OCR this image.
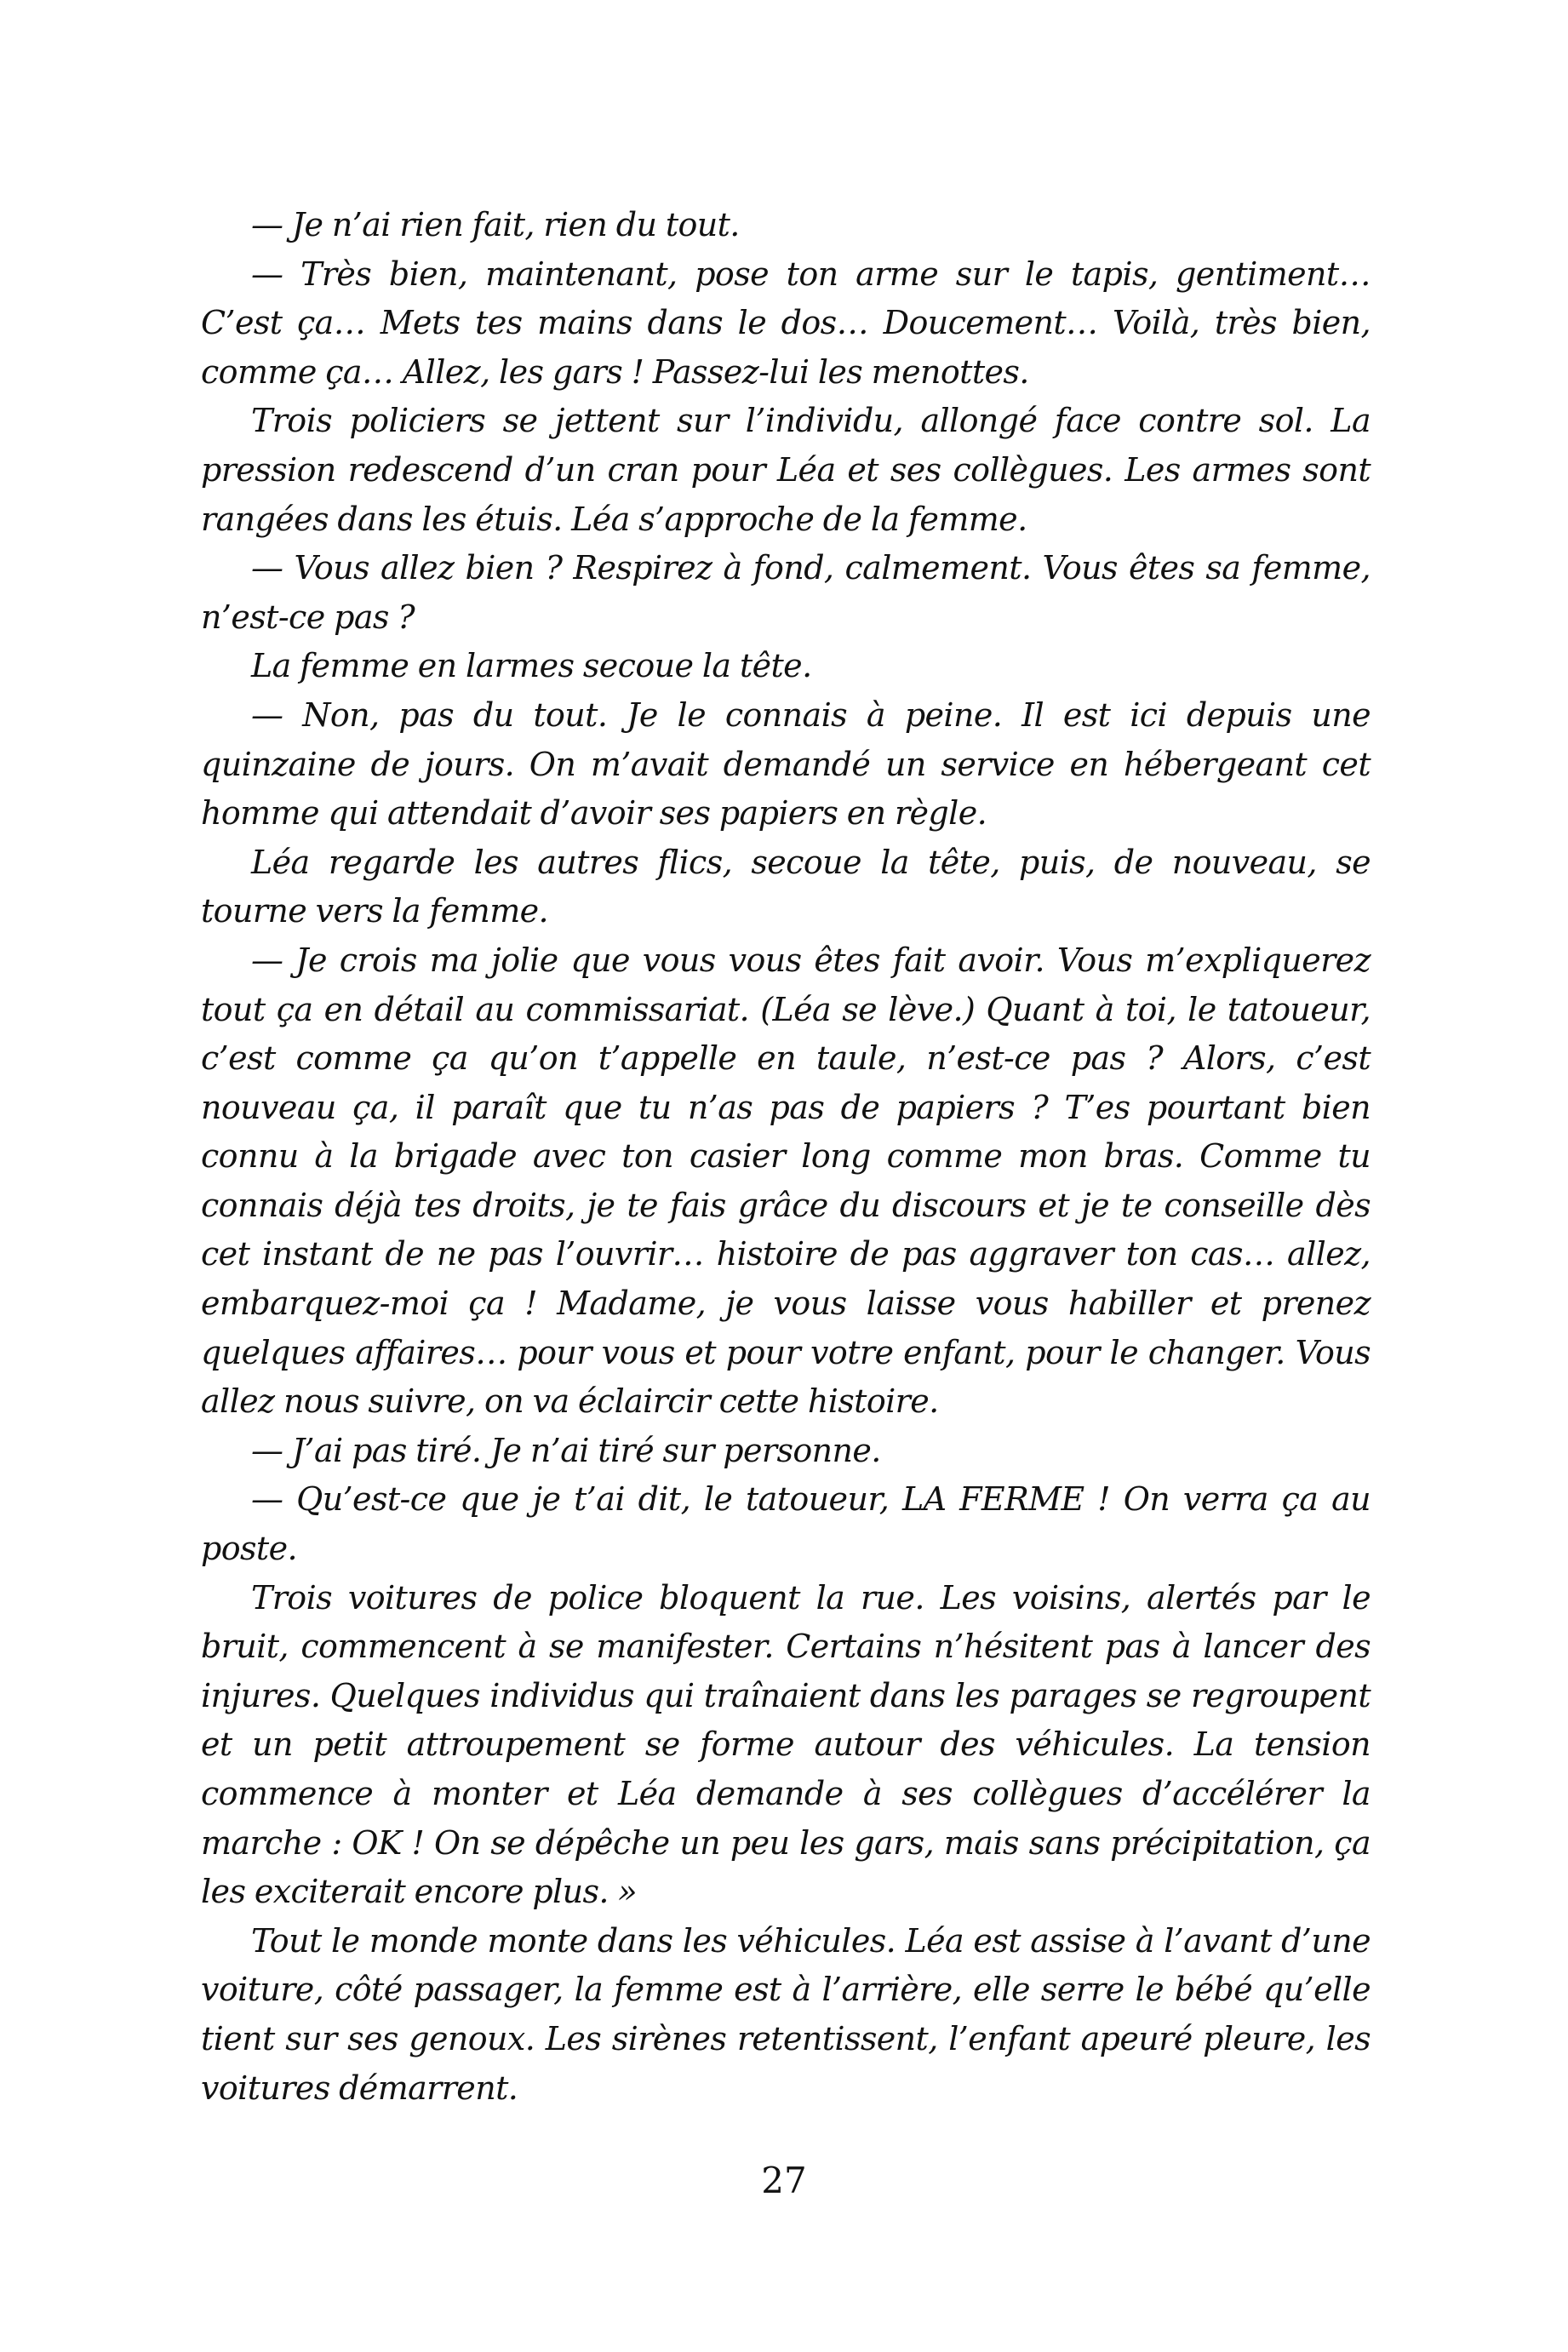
— Je n’ai rien fait, rien du tout.

— Très bien, maintenant, pose ton arme sur le tapis, gentiment… C’est ça… Mets tes mains dans le dos… Doucement… Voilà, très bien, comme ça… Allez, les gars ! Passez-lui les menottes.

Trois policiers se jettent sur l’individu, allongé face contre sol. La pression redescend d’un cran pour Léa et ses collègues. Les armes sont rangées dans les étuis. Léa s’approche de la femme.

— Vous allez bien ? Respirez à fond, calmement. Vous êtes sa femme, n’est-ce pas ?

La femme en larmes secoue la tête.

— Non, pas du tout. Je le connais à peine. Il est ici depuis une quinzaine de jours. On m’avait demandé un service en hébergeant cet homme qui attendait d’avoir ses papiers en règle.

Léa regarde les autres flics, secoue la tête, puis, de nouveau, se tourne vers la femme.

— Je crois ma jolie que vous vous êtes fait avoir. Vous m’expliquerez tout ça en détail au commissariat. (Léa se lève.) Quant à toi, le tatoueur, c’est comme ça qu’on t’appelle en taule, n’est-ce pas ? Alors, c’est nouveau ça, il paraît que tu n’as pas de papiers ? T’es pourtant bien connu à la brigade avec ton casier long comme mon bras. Comme tu connais déjà tes droits, je te fais grâce du discours et je te conseille dès cet instant de ne pas l’ouvrir… histoire de pas aggraver ton cas… allez, embarquez-moi ça ! Madame, je vous laisse vous habiller et prenez quelques affaires… pour vous et pour votre enfant, pour le changer. Vous allez nous suivre, on va éclaircir cette histoire.

— J’ai pas tiré. Je n’ai tiré sur personne.

— Qu’est-ce que je t’ai dit, le tatoueur, LA FERME ! On verra ça au poste.

Trois voitures de police bloquent la rue. Les voisins, alertés par le bruit, commencent à se manifester. Certains n’hésitent pas à lancer des injures. Quelques individus qui traînaient dans les parages se regroupent et un petit attroupement se forme autour des véhicules. La tension commence à monter et Léa demande à ses collègues d’accélérer la marche : OK ! On se dépêche un peu les gars, mais sans précipitation, ça les exciterait encore plus. »

Tout le monde monte dans les véhicules. Léa est assise à l’avant d’une voiture, côté passager, la femme est à l’arrière, elle serre le bébé qu’elle tient sur ses genoux. Les sirènes retentissent, l’enfant apeuré pleure, les voitures démarrent.

27
